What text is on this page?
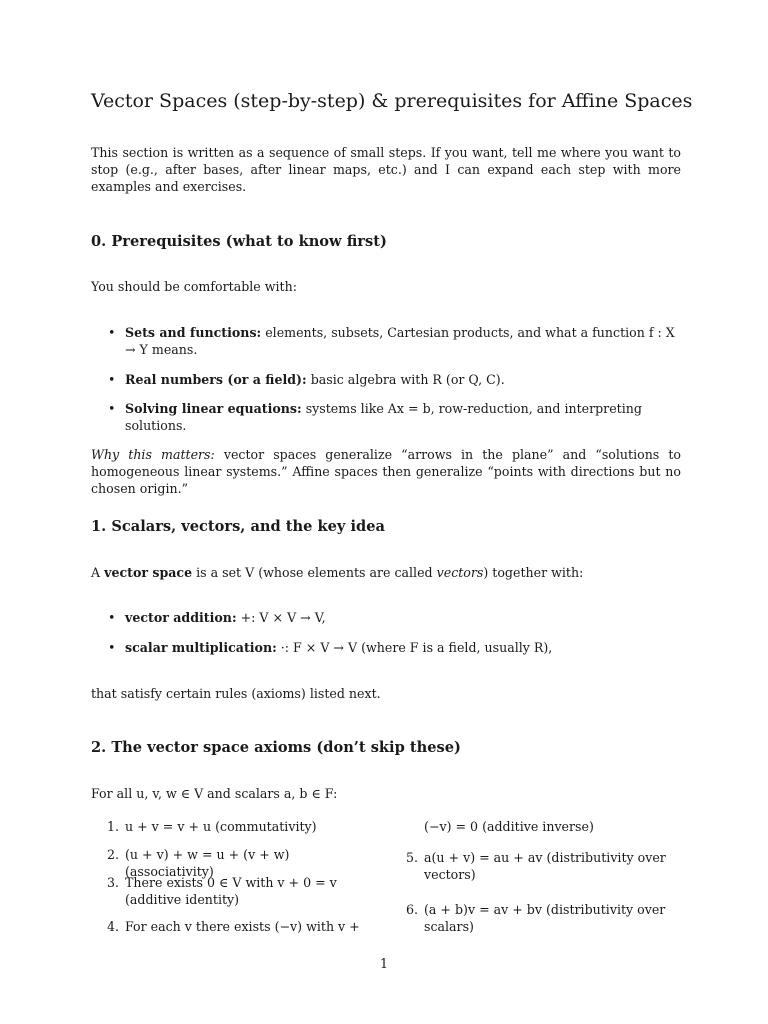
Vector Spaces (step-by-step) & prerequisites for Affine Spaces

This section is written as a sequence of small steps. If you want, tell me where you want to stop (e.g., after bases, after linear maps, etc.) and I can expand each step with more examples and exercises.

0. Prerequisites (what to know first)

You should be comfortable with:

• Sets and functions: elements, subsets, Cartesian products, and what a function f : X → Y means.
• Real numbers (or a field): basic algebra with R (or Q, C).
• Solving linear equations: systems like Ax = b, row-reduction, and interpreting solutions.

Why this matters: vector spaces generalize “arrows in the plane” and “solutions to homogeneous linear systems.” Affine spaces then generalize “points with directions but no chosen origin.”

1. Scalars, vectors, and the key idea

A vector space is a set V (whose elements are called vectors) together with:

• vector addition: +: V × V → V,
• scalar multiplication: ·: F × V → V (where F is a field, usually R),

that satisfy certain rules (axioms) listed next.

2. The vector space axioms (don’t skip these)

For all u, v, w ∈ V and scalars a, b ∈ F:

1. u + v = v + u (commutativity)
2. (u + v) + w = u + (v + w) (associativity)
3. There exists 0 ∈ V with v + 0 = v (additive identity)
4. For each v there exists (−v) with v +
(−v) = 0 (additive inverse)
5. a(u + v) = au + av (distributivity over vectors)
6. (a + b)v = av + bv (distributivity over scalars)
1
